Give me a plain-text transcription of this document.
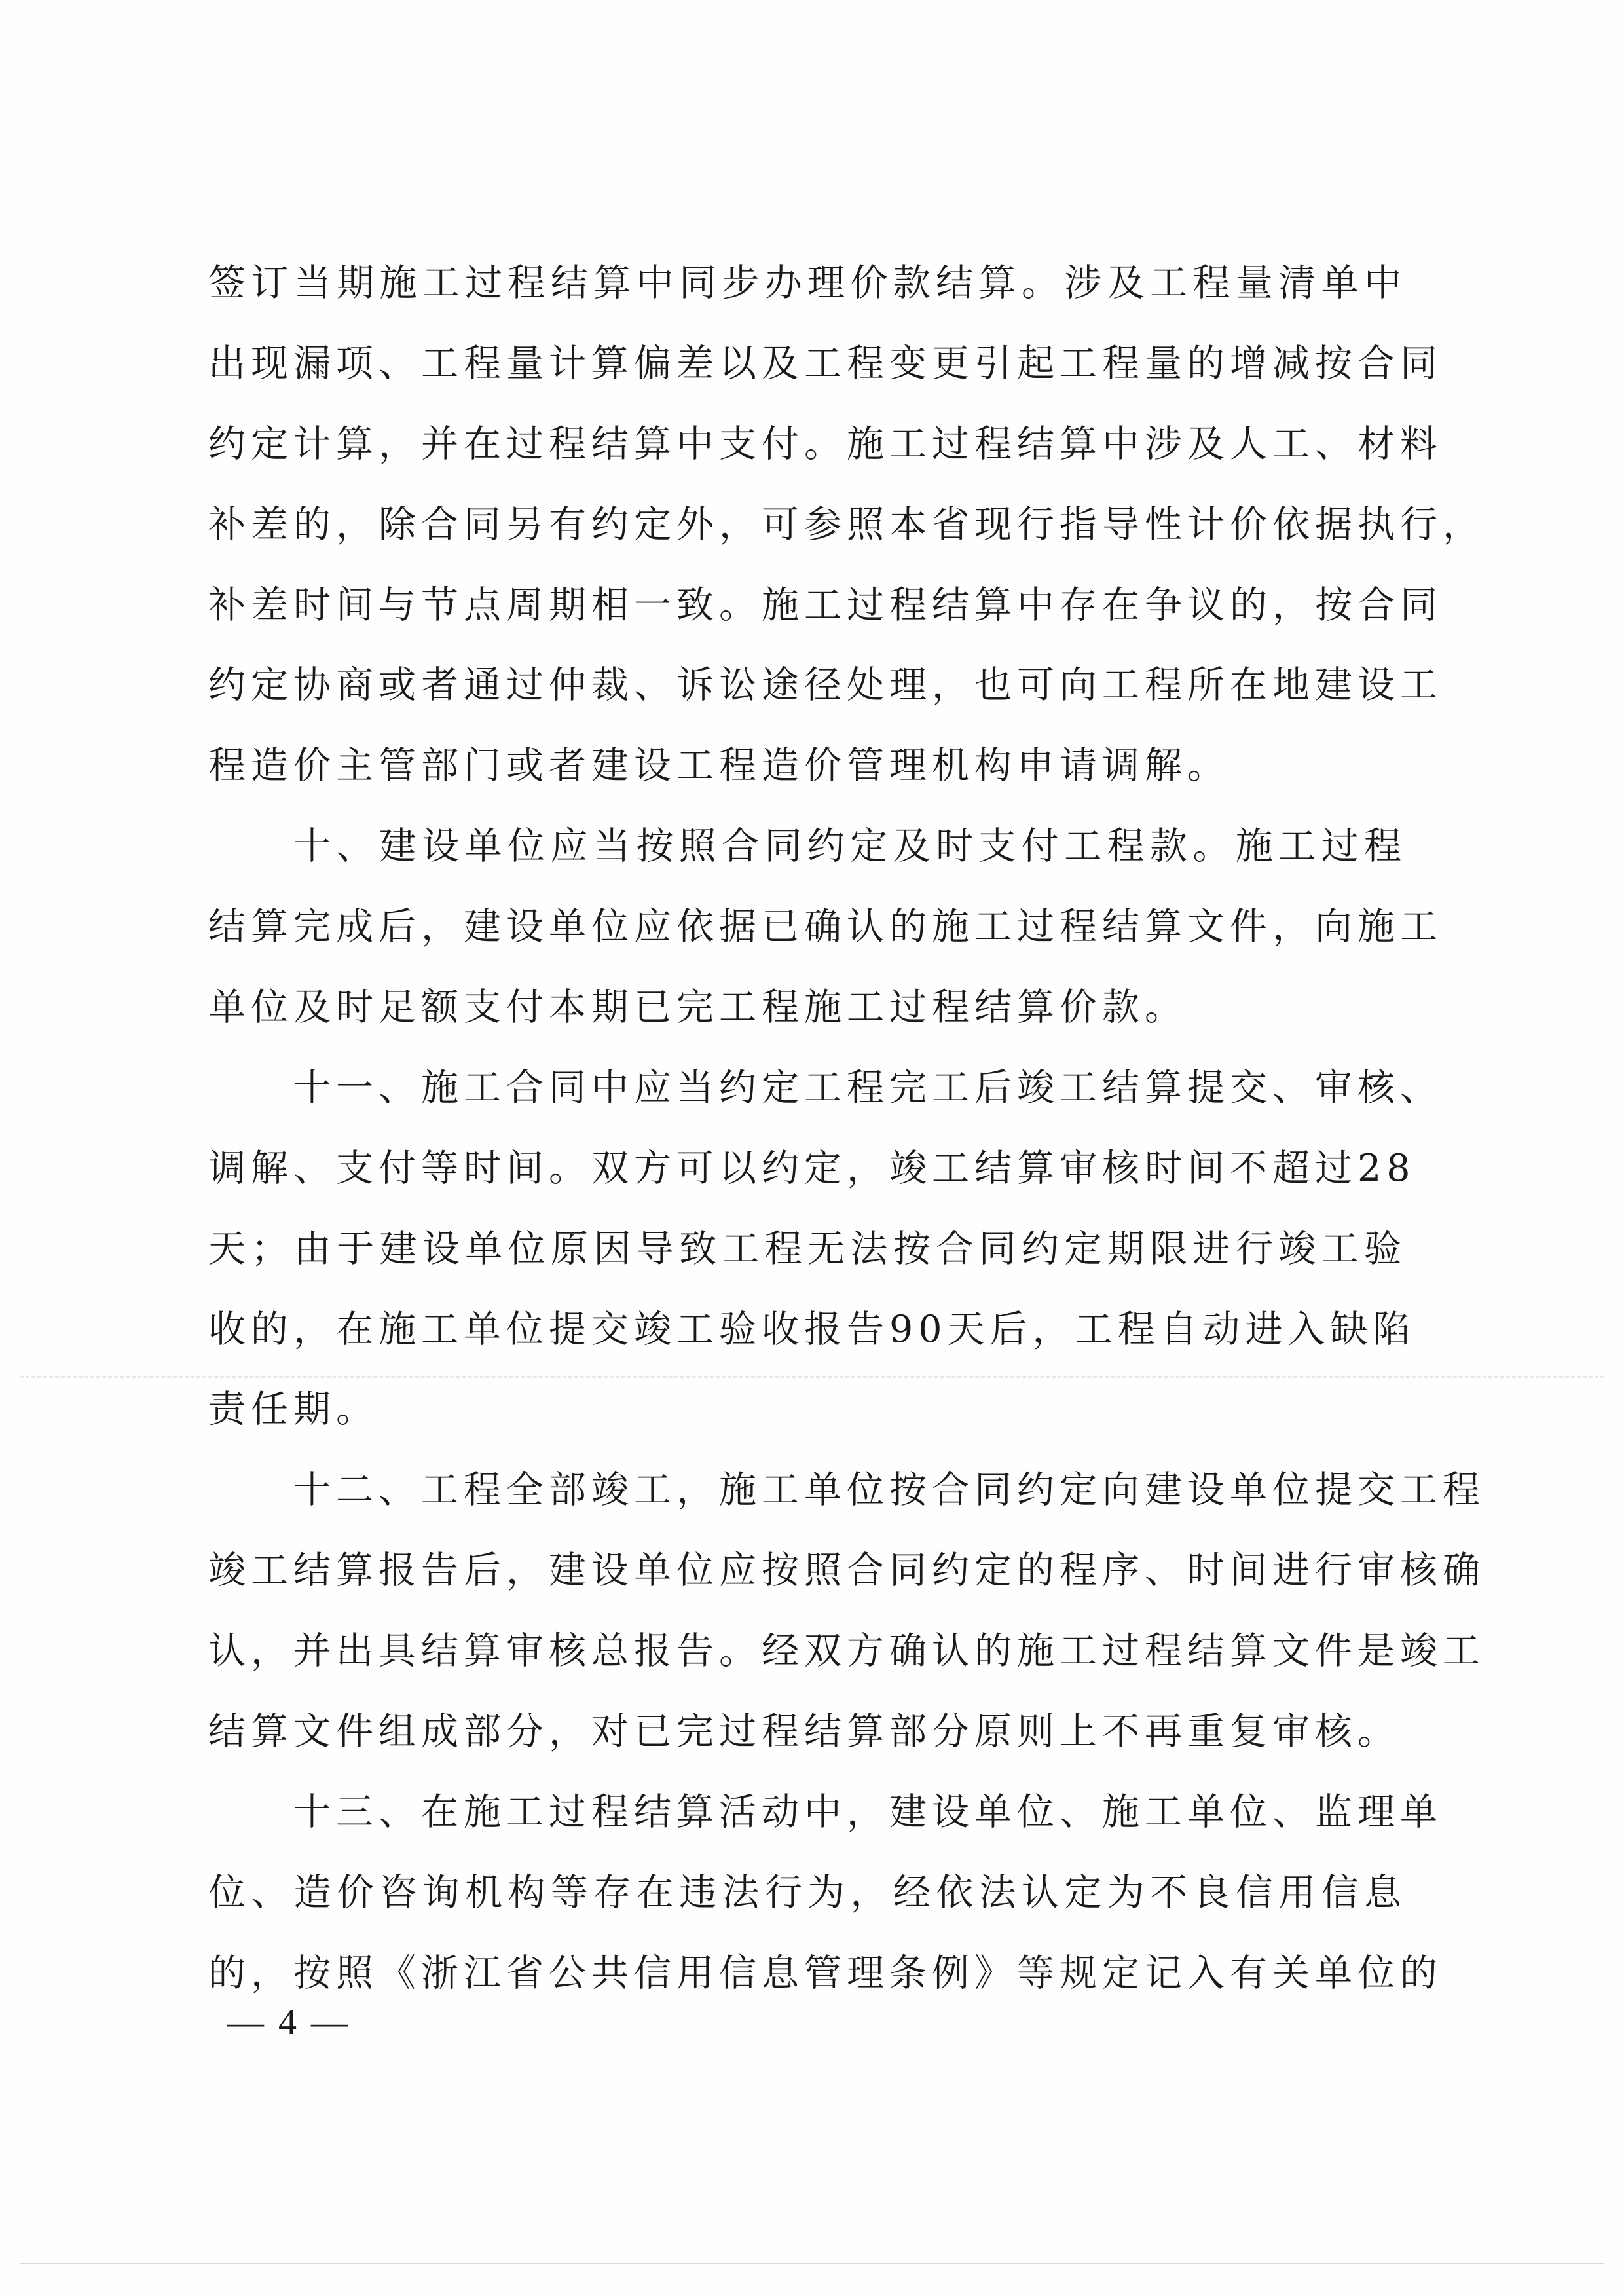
签订当期施工过程结算中同步办理价款结算。涉及工程量清单中
出现漏项、工程量计算偏差以及工程变更引起工程量的增减按合同
约定计算，并在过程结算中支付。施工过程结算中涉及人工、材料
补差的，除合同另有约定外，可参照本省现行指导性计价依据执行，
补差时间与节点周期相一致。施工过程结算中存在争议的，按合同
约定协商或者通过仲裁、诉讼途径处理，也可向工程所在地建设工
程造价主管部门或者建设工程造价管理机构申请调解。
十、建设单位应当按照合同约定及时支付工程款。施工过程
结算完成后，建设单位应依据已确认的施工过程结算文件，向施工
单位及时足额支付本期已完工程施工过程结算价款。
十一、施工合同中应当约定工程完工后竣工结算提交、审核、
调解、支付等时间。双方可以约定，竣工结算审核时间不超过28
天；由于建设单位原因导致工程无法按合同约定期限进行竣工验
收的，在施工单位提交竣工验收报告90天后，工程自动进入缺陷
责任期。
十二、工程全部竣工，施工单位按合同约定向建设单位提交工程
竣工结算报告后，建设单位应按照合同约定的程序、时间进行审核确
认，并出具结算审核总报告。经双方确认的施工过程结算文件是竣工
结算文件组成部分，对已完过程结算部分原则上不再重复审核。
十三、在施工过程结算活动中，建设单位、施工单位、监理单
位、造价咨询机构等存在违法行为，经依法认定为不良信用信息
的，按照《浙江省公共信用信息管理条例》等规定记入有关单位的
— 4 —
